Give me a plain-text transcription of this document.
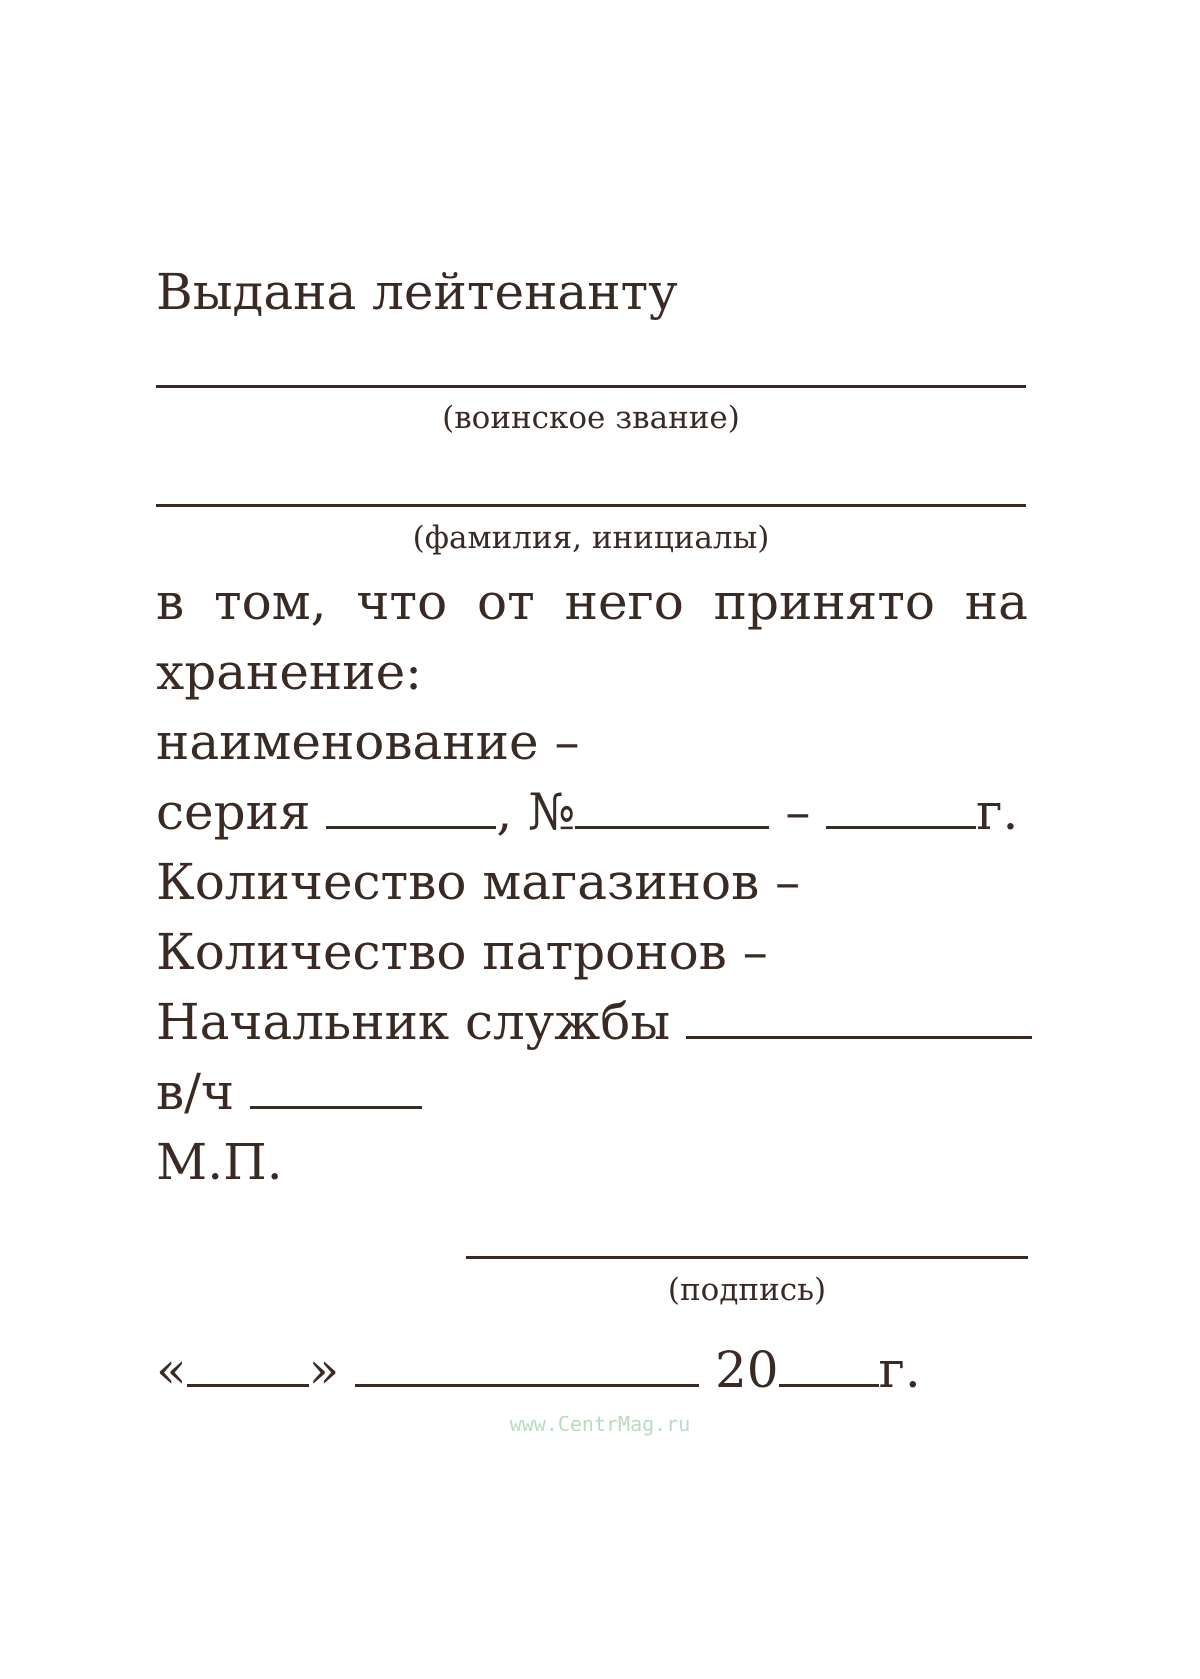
Выдана лейтенанту
(воинское звание)
(фамилия, инициалы)
в том, что от него принято на
хранение:
наименование –
серия	, №	–	г.
Количество магазинов –
Количество патронов –
Начальник службы
в/ч
М.П.
(подпись)
« »	20 г.
www.CentrMag.ru
